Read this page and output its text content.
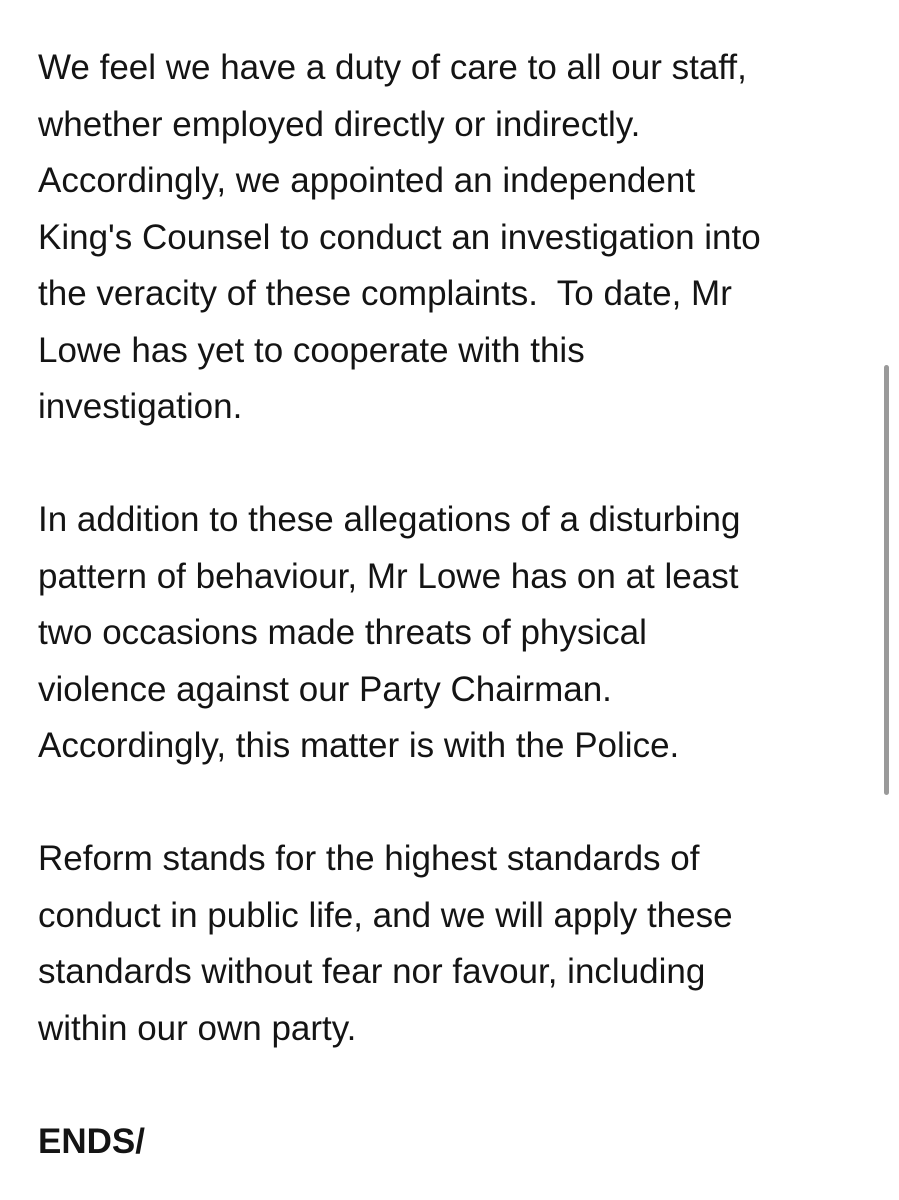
We feel we have a duty of care to all our staff,
whether employed directly or indirectly.
Accordingly, we appointed an independent
King's Counsel to conduct an investigation into
the veracity of these complaints.  To date, Mr
Lowe has yet to cooperate with this
investigation.
In addition to these allegations of a disturbing
pattern of behaviour, Mr Lowe has on at least
two occasions made threats of physical
violence against our Party Chairman.
Accordingly, this matter is with the Police.
Reform stands for the highest standards of
conduct in public life, and we will apply these
standards without fear nor favour, including
within our own party.
ENDS/
